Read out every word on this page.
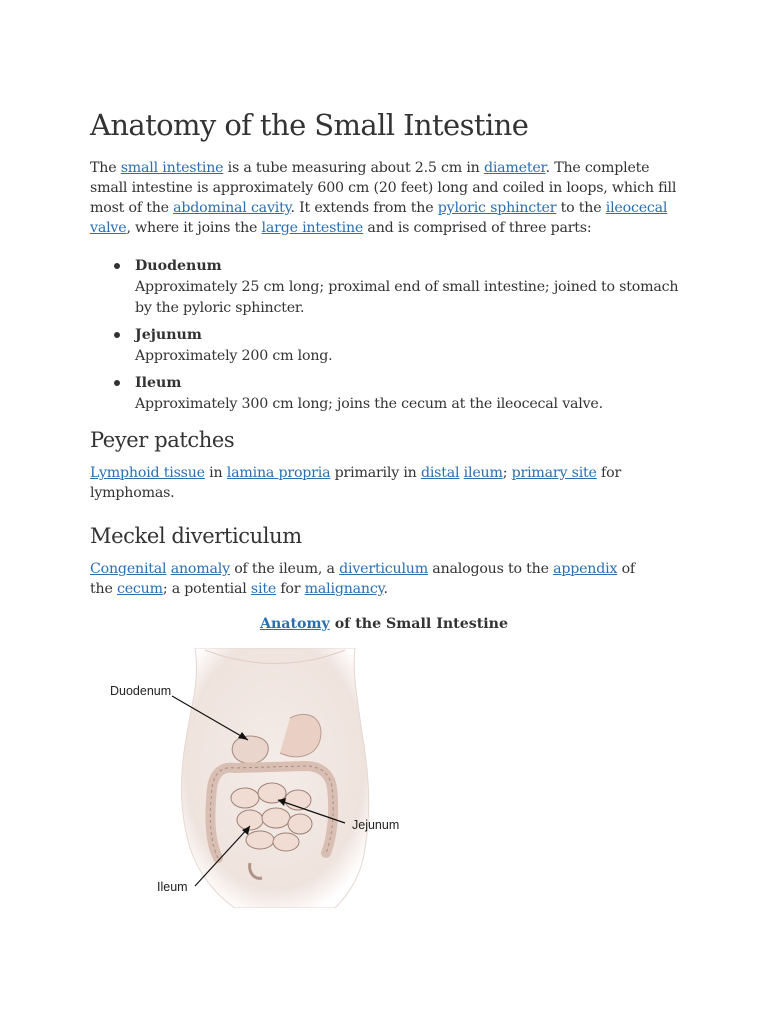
Anatomy of the Small Intestine

The small intestine is a tube measuring about 2.5 cm in diameter. The complete small intestine is approximately 600 cm (20 feet) long and coiled in loops, which fill most of the abdominal cavity. It extends from the pyloric sphincter to the ileocecal valve, where it joins the large intestine and is comprised of three parts:

Duodenum
Approximately 25 cm long; proximal end of small intestine; joined to stomach by the pyloric sphincter.
Jejunum
Approximately 200 cm long.
Ileum
Approximately 300 cm long; joins the cecum at the ileocecal valve.
Peyer patches

Lymphoid tissue in lamina propria primarily in distal ileum; primary site for lymphomas.

Meckel diverticulum

Congenital anomaly of the ileum, a diverticulum analogous to the appendix of the cecum; a potential site for malignancy.

Anatomy of the Small Intestine
Duodenum
Jejunum
Ileum
